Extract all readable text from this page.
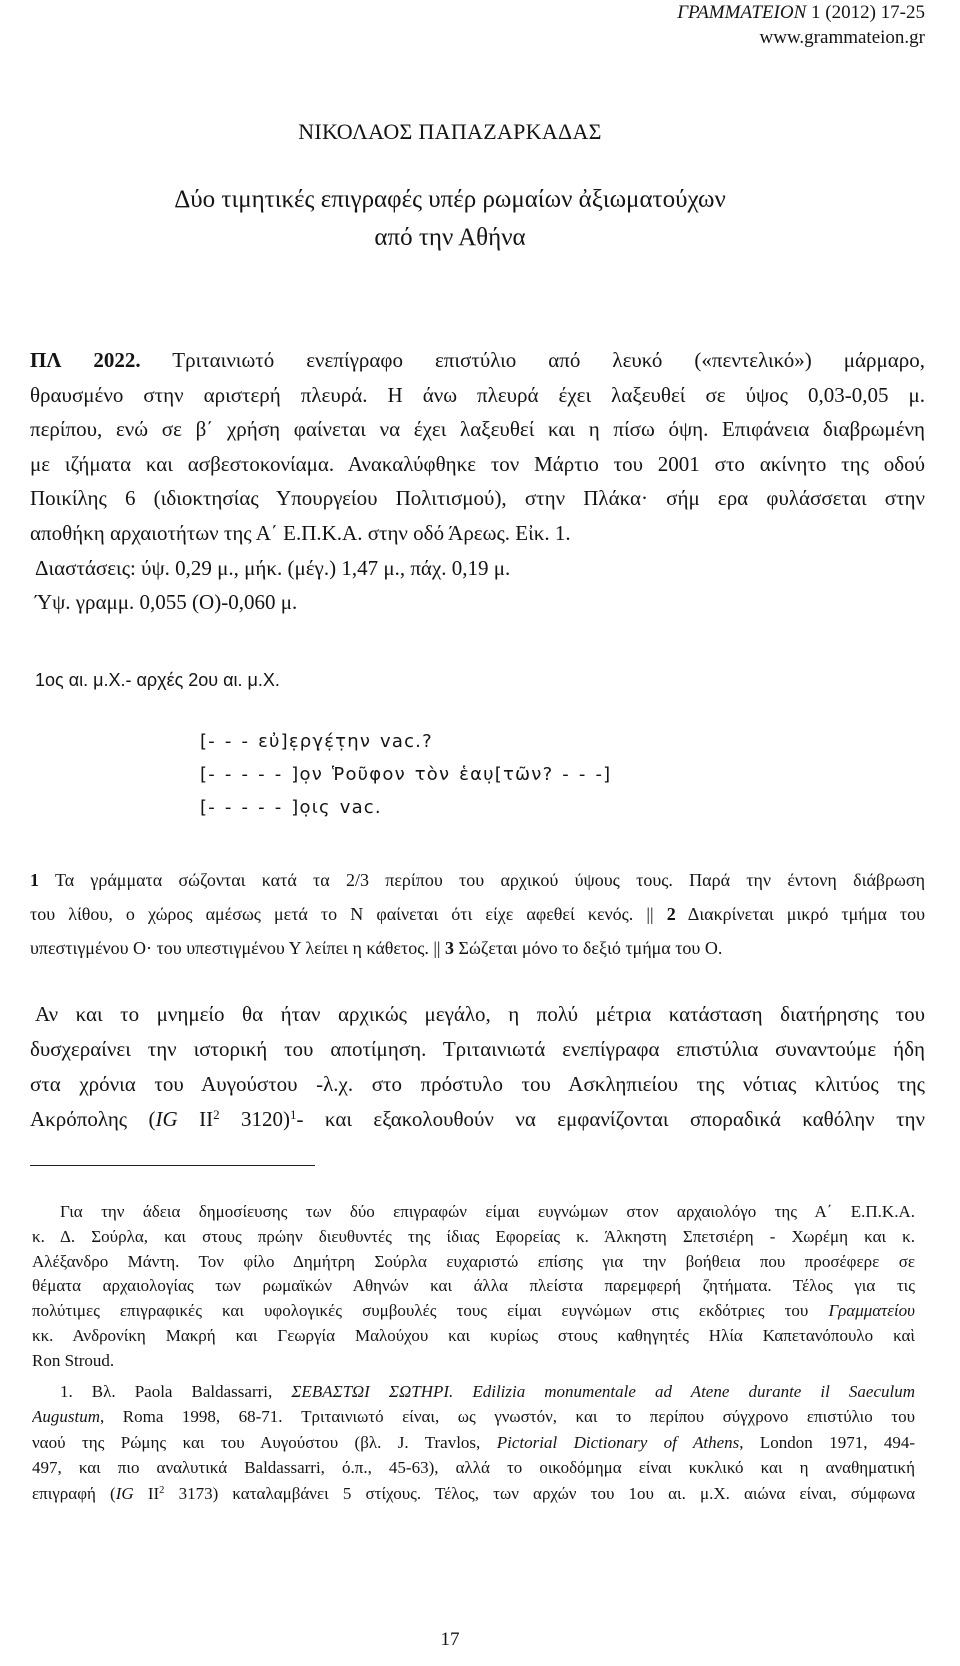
ΓΡΑΜΜΑΤΕΙΟΝ 1 (2012) 17-25
www.grammateion.gr
ΝΙΚΟΛΑΟΣ ΠΑΠΑΖΑΡΚΑΔΑΣ
Δύο τιμητικές επιγραφές υπέρ ρωμαίων ἀξιωματούχων
από την Αθήνα
ΠΛ 2022. Τριταινιωτό ενεπίγραφο επιστύλιο από λευκό («πεντελικό») μάρμαρο,
θραυσμένο στην αριστερή πλευρά. Η άνω πλευρά έχει λαξευθεί σε ύψος 0,03-0,05 μ.
περίπου, ενώ σε β΄ χρήση φαίνεται να έχει λαξευθεί και η πίσω όψη. Επιφάνεια διαβρωμένη
με ιζήματα και ασβεστοκονίαμα. Ανακαλύφθηκε τον Μάρτιο του 2001 στο ακίνητο της οδού
Ποικίλης 6 (ιδιοκτησίας Υπουργείου Πολιτισμού), στην Πλάκα· σήμ ερα φυλάσσεται στην
αποθήκη αρχαιοτήτων της Α΄ Ε.Π.Κ.Α. στην οδό Άρεως. Εἰκ. 1.
Διαστάσεις: ύψ. 0,29 μ., μήκ. (μέγ.) 1,47 μ., πάχ. 0,19 μ.
Ύψ. γραμμ. 0,055 (Ο)-0,060 μ.
1ος αι. μ.Χ.- αρχές 2ου αι. μ.Χ.
[- - - εὐ]ε̣ργ̣έ̣τ̣ην vac.?
[- - - - - ]ο̣ν Ῥοῦφον τὸν ἑαυ̣[τῶν? - - -]
[- - - - - ]ο̣ις vac.
1 Τα γράμματα σώζονται κατά τα 2/3 περίπου του αρχικού ύψους τους. Παρά την έντονη διάβρωση
του λίθου, ο χώρος αμέσως μετά το Ν φαίνεται ότι είχε αφεθεί κενός. || 2 Διακρίνεται μικρό τμήμα του
υπεστιγμένου Ο· του υπεστιγμένου Υ λείπει η κάθετος. || 3 Σώζεται μόνο το δεξιό τμήμα του Ο.
Αν και το μνημείο θα ήταν αρχικώς μεγάλο, η πολύ μέτρια κατάσταση διατήρησης του
δυσχεραίνει την ιστορική του αποτίμηση. Τριταινιωτά ενεπίγραφα επιστύλια συναντούμε ήδη
στα χρόνια του Αυγούστου -λ.χ. στο πρόστυλο του Ασκληπιείου της νότιας κλιτύος της
Ακρόπολης (IG $II^2$ 3120)$^1$- και εξακολουθούν να εμφανίζονται σποραδικά καθόλην την
Για την άδεια δημοσίευσης των δύο επιγραφών είμαι ευγνώμων στον αρχαιολόγο της Α΄ Ε.Π.Κ.Α.
κ. Δ. Σούρλα, και στους πρώην διευθυντές της ίδιας Εφορείας κ. Άλκηστη Σπετσιέρη - Χωρέμη και κ.
Αλέξανδρο Μάντη. Τον φίλο Δημήτρη Σούρλα ευχαριστώ επίσης για την βοήθεια που προσέφερε σε
θέματα αρχαιολογίας των ρωμαϊκών Αθηνών και άλλα πλείστα παρεμφερή ζητήματα. Τέλος για τις
πολύτιμες επιγραφικές και υφολογικές συμβουλές τους είμαι ευγνώμων στις εκδότριες του Γραμματείου
κκ. Ανδρονίκη Μακρή και Γεωργία Μαλούχου και κυρίως στους καθηγητές Ηλία Καπετανόπουλο καὶ
Ron Stroud.
1. Βλ. Paola Baldassarri, ΣΕΒΑΣΤΩΙ ΣΩΤΗΡΙ. Edilizia monumentale ad Atene durante il Saeculum
Augustum, Roma 1998, 68-71. Τριταινιωτό είναι, ως γνωστόν, και το περίπου σύγχρονο επιστύλιο του
ναού της Ρώμης και του Αυγούστου (βλ. J. Travlos, Pictorial Dictionary of Athens, London 1971, 494-
497, και πιο αναλυτικά Baldassarri, ό.π., 45-63), αλλά το οικοδόμημα είναι κυκλικό και η αναθηματική
επιγραφή (IG $II^2$ 3173) καταλαμβάνει 5 στίχους. Τέλος, των αρχών του 1ου αι. μ.Χ. αιώνα είναι, σύμφωνα
17
